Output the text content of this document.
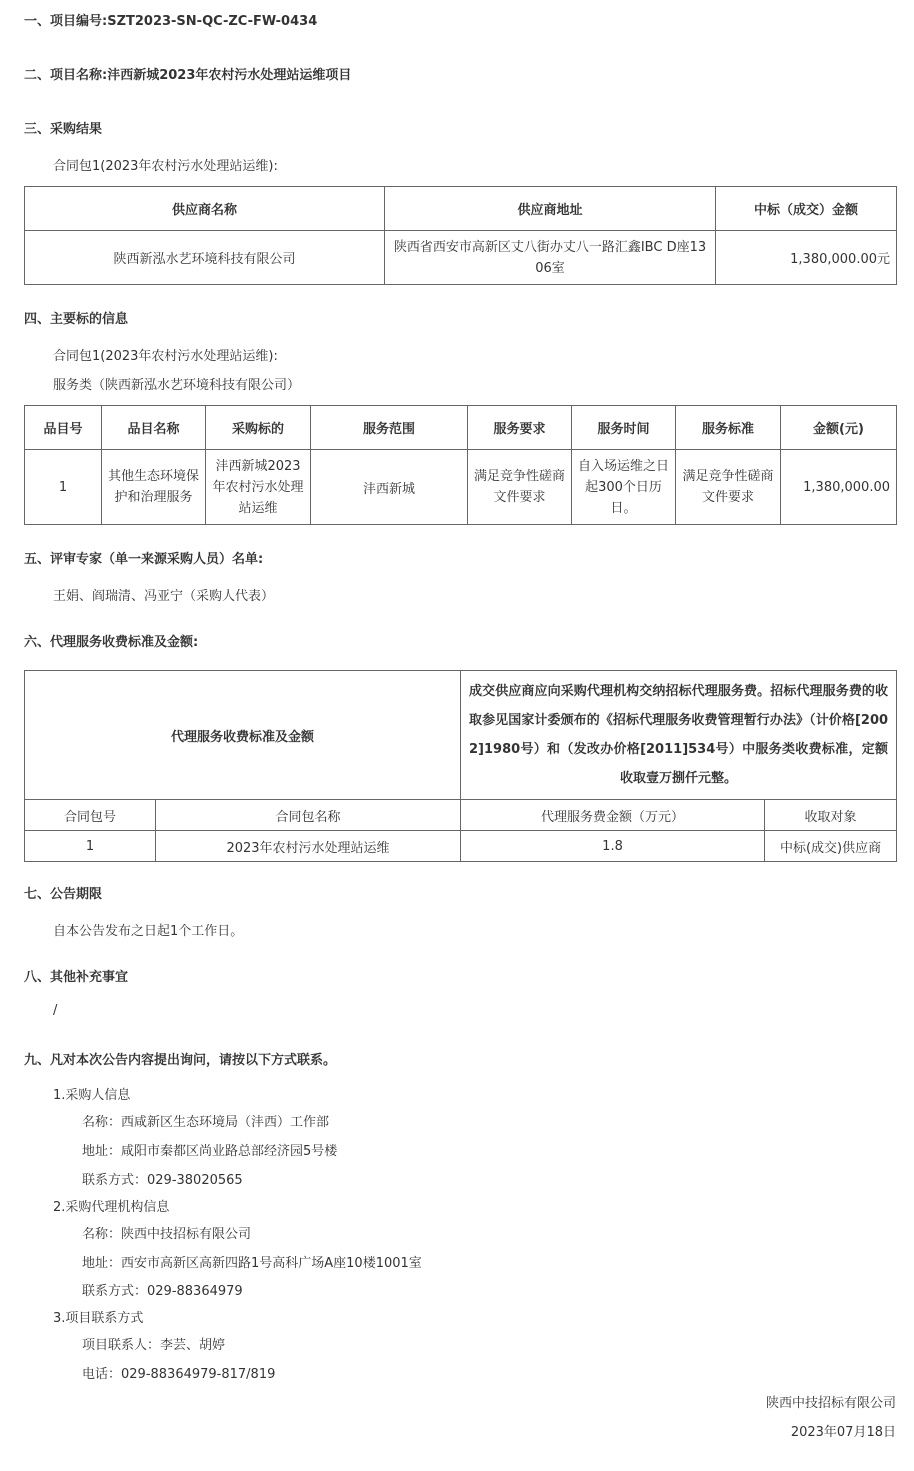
一、项目编号:SZT2023-SN-QC-ZC-FW-0434
二、项目名称:沣西新城2023年农村污水处理站运维项目
三、采购结果
合同包1(2023年农村污水处理站运维):
供应商名称	供应商地址	中标（成交）金额
陕西新泓水艺环境科技有限公司	陕西省西安市高新区丈八街办丈八一路汇鑫IBC D座1306室	1,380,000.00元
四、主要标的信息
合同包1(2023年农村污水处理站运维):
服务类（陕西新泓水艺环境科技有限公司）
品目号	品目名称	采购标的	服务范围	服务要求	服务时间	服务标准	金额(元)
1	其他生态环境保护和治理服务	沣西新城2023年农村污水处理站运维	沣西新城	满足竞争性磋商文件要求	自入场运维之日起300个日历日。	满足竞争性磋商文件要求	1,380,000.00
五、评审专家（单一来源采购人员）名单:
王娟、阎瑞清、冯亚宁（采购人代表）
六、代理服务收费标准及金额:
代理服务收费标准及金额		成交供应商应向采购代理机构交纳招标代理服务费。招标代理服务费的收取参见国家计委颁布的《招标代理服务收费管理暂行办法》（计价格[2002]1980号）和（发改办价格[2011]534号）中服务类收费标准，定额收取壹万捌仟元整。	
合同包号	合同包名称	代理服务费金额（万元）	收取对象
1	2023年农村污水处理站运维	1.8	中标(成交)供应商
七、公告期限
自本公告发布之日起1个工作日。
八、其他补充事宜
/
九、凡对本次公告内容提出询问，请按以下方式联系。
1.采购人信息
名称：西咸新区生态环境局（沣西）工作部
地址：咸阳市秦都区尚业路总部经济园5号楼
联系方式：029-38020565
2.采购代理机构信息
名称：陕西中技招标有限公司
地址：西安市高新区高新四路1号高科广场A座10楼1001室
联系方式：029-88364979
3.项目联系方式
项目联系人：李芸、胡婷
电话：029-88364979-817/819
陕西中技招标有限公司
2023年07月18日
